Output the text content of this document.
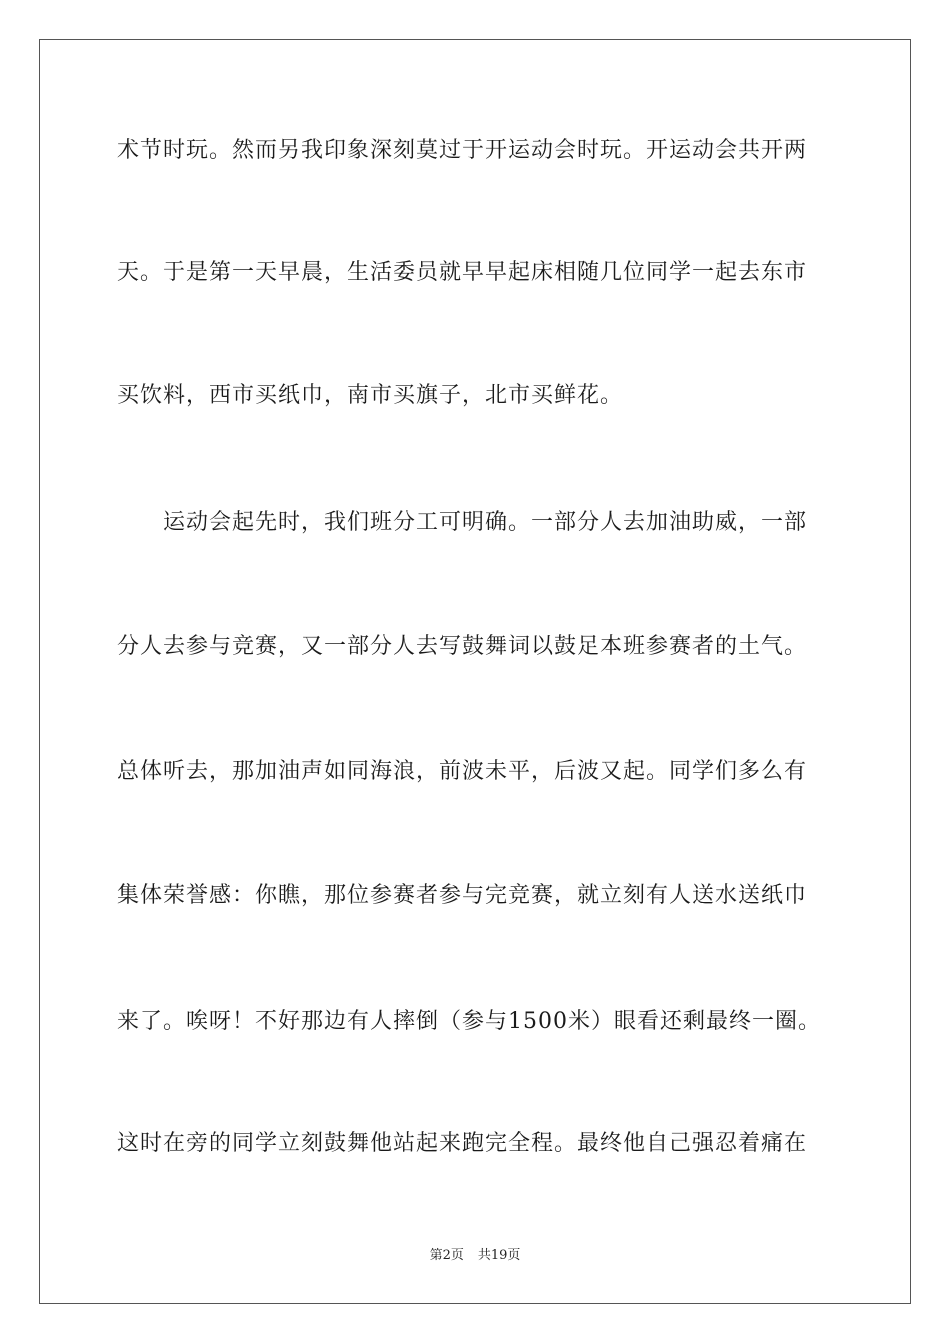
术节时玩。然而另我印象深刻莫过于开运动会时玩。开运动会共开两
天。于是第一天早晨，生活委员就早早起床相随几位同学一起去东市
买饮料，西市买纸巾，南市买旗子，北市买鲜花。
运动会起先时，我们班分工可明确。一部分人去加油助威，一部
分人去参与竞赛，又一部分人去写鼓舞词以鼓足本班参赛者的土气。
总体听去，那加油声如同海浪，前波未平，后波又起。同学们多么有
集体荣誉感：你瞧，那位参赛者参与完竞赛，就立刻有人送水送纸巾
来了。唉呀！不好那边有人摔倒（参与1500米）眼看还剩最终一圈。
这时在旁的同学立刻鼓舞他站起来跑完全程。最终他自己强忍着痛在
第2页 共19页
